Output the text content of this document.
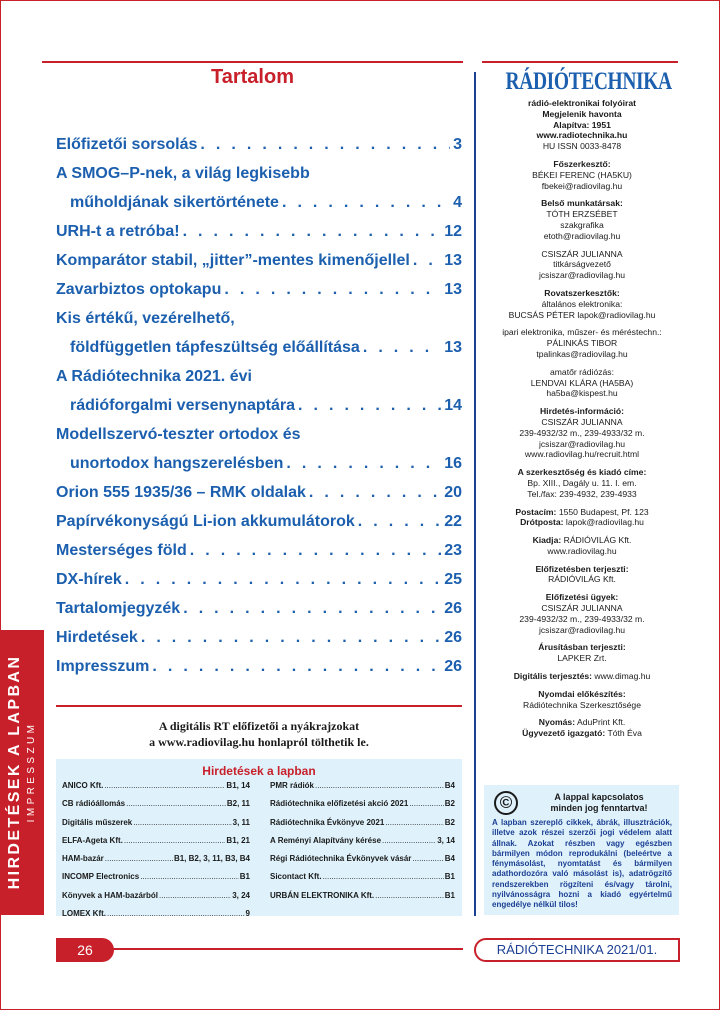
HIRDETÉSEK A LAPBAN IMPRESSZUM
Tartalom
Előfizetői sorsolás . . .	3
A SMOG–P-nek, a világ legkisebb
műholdjának sikertörténete . . .	4
URH-t a retróba! . . .	12
Komparátor stabil, „jitter”-mentes kimenőjellel . . . 13
Zavarbiztos optokapu . . .	13
Kis értékű, vezérelhető,
földfüggetlen tápfeszültség előállítása . . .	13
A Rádiótechnika 2021. évi
rádióforgalmi versenynaptára . . .	14
Modellszervó-teszter ortodox és
unortodox hangszerelésben . . .	16
Orion 555 1935/36 – RMK oldalak . . .	20
Papírvékonyságú Li-ion akkumulátorok . . .	22
Mesterséges föld . . .	23
DX-hírek . . .	25
Tartalomjegyzék . . .	26
Hirdetések . . .	26
Impresszum . . .	26
A digitális RT előfizetői a nyákrajzokat
a www.radiovilag.hu honlapról tölthetik le.
Hirdetések a lapban
ANICO Kft. .....	B1, 14
CB rádióállomás .....	B2, 11
Digitális műszerek .....	3, 11
ELFA-Ageta Kft. .....	B1, 21
HAM-bazár .....	B1, B2, 3, 11, B3, B4
INCOMP Electronics .....	B1
Könyvek a HAM-bazárból .....	3, 24
LOMEX Kft. .....	9
PMR rádiók .....	B4
Rádiótechnika előfizetési akció 2021 .....	B2
Rádiótechnika Évkönyve 2021 .....	B2
A Reményi Alapítvány kérése .....	3, 14
Régi Rádiótechnika Évkönyvek vásár .....	B4
Sicontact Kft. .....	B1
URBÁN ELEKTRONIKA Kft. .....	B1
RÁDIÓTECHNIKA
rádió-elektronikai folyóirat
Megjelenik havonta
Alapítva: 1951
www.radiotechnika.hu
HU ISSN 0033-8478
Főszerkesztő:
BÉKEI FERENC (HA5KU)
fbekei@radiovilag.hu
Belső munkatársak:
TÓTH ERZSÉBET
szakgrafika
etoth@radiovilag.hu
CSISZÁR JULIANNA
titkárságvezető
jcsiszar@radiovilag.hu
Rovatszerkesztők:
általános elektronika:
BUCSÁS PÉTER lapok@radiovilag.hu
ipari elektronika, műszer- és méréstechn.:
PÁLINKÁS TIBOR
tpalinkas@radiovilag.hu
amatőr rádiózás:
LENDVAI KLÁRA (HA5BA)
ha5ba@kispest.hu
Hirdetés-információ:
CSISZÁR JULIANNA
239-4932/32 m., 239-4933/32 m.
jcsiszar@radiovilag.hu
www.radiovilag.hu/recruit.html
A szerkesztőség és kiadó címe:
Bp. XIII., Dagály u. 11. I. em.
Tel./fax: 239-4932, 239-4933
Postacím: 1550 Budapest, Pf. 123
Drótposta: lapok@radiovilag.hu
Kiadja: RÁDIÓVILÁG Kft.
www.radiovilag.hu
Előfizetésben terjeszti:
RÁDIÓVILÁG Kft.
Előfizetési ügyek:
CSISZÁR JULIANNA
239-4932/32 m., 239-4933/32 m.
jcsiszar@radiovilag.hu
Árusításban terjeszti:
LAPKER Zrt.
Digitális terjesztés: www.dimag.hu
Nyomdai előkészítés:
Rádiótechnika Szerkesztősége
Nyomás: AduPrint Kft.
Ügyvezető igazgató: Tóth Éva
©	A lappal kapcsolatos
minden jog fenntartva!
A lapban szereplő cikkek, ábrák, illusztrációk, illetve azok részei szerzői jogi védelem alatt állnak. Azokat részben vagy egészben bármilyen módon reprodukálni (beleértve a fénymásolást, nyomtatást és bármilyen adathordozóra való másolást is), adatrögzítő rendszerekben rögzíteni és/vagy tárolni, nyilvánosságra hozni a kiadó egyértelmű engedélye nélkül tilos!
26	RÁDIÓTECHNIKA 2021/01.
